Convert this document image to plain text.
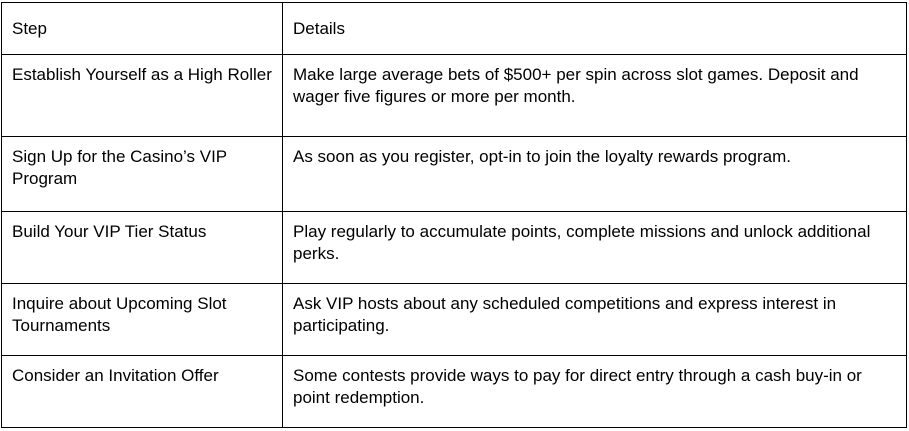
Step	Details
Establish Yourself as a High Roller	Make large average bets of $500+ per spin across slot games. Deposit and wager five figures or more per month.
Sign Up for the Casino’s VIP Program	As soon as you register, opt-in to join the loyalty rewards program.
Build Your VIP Tier Status	Play regularly to accumulate points, complete missions and unlock additional perks.
Inquire about Upcoming Slot Tournaments	Ask VIP hosts about any scheduled competitions and express interest in participating.
Consider an Invitation Offer	Some contests provide ways to pay for direct entry through a cash buy-in or point redemption.
